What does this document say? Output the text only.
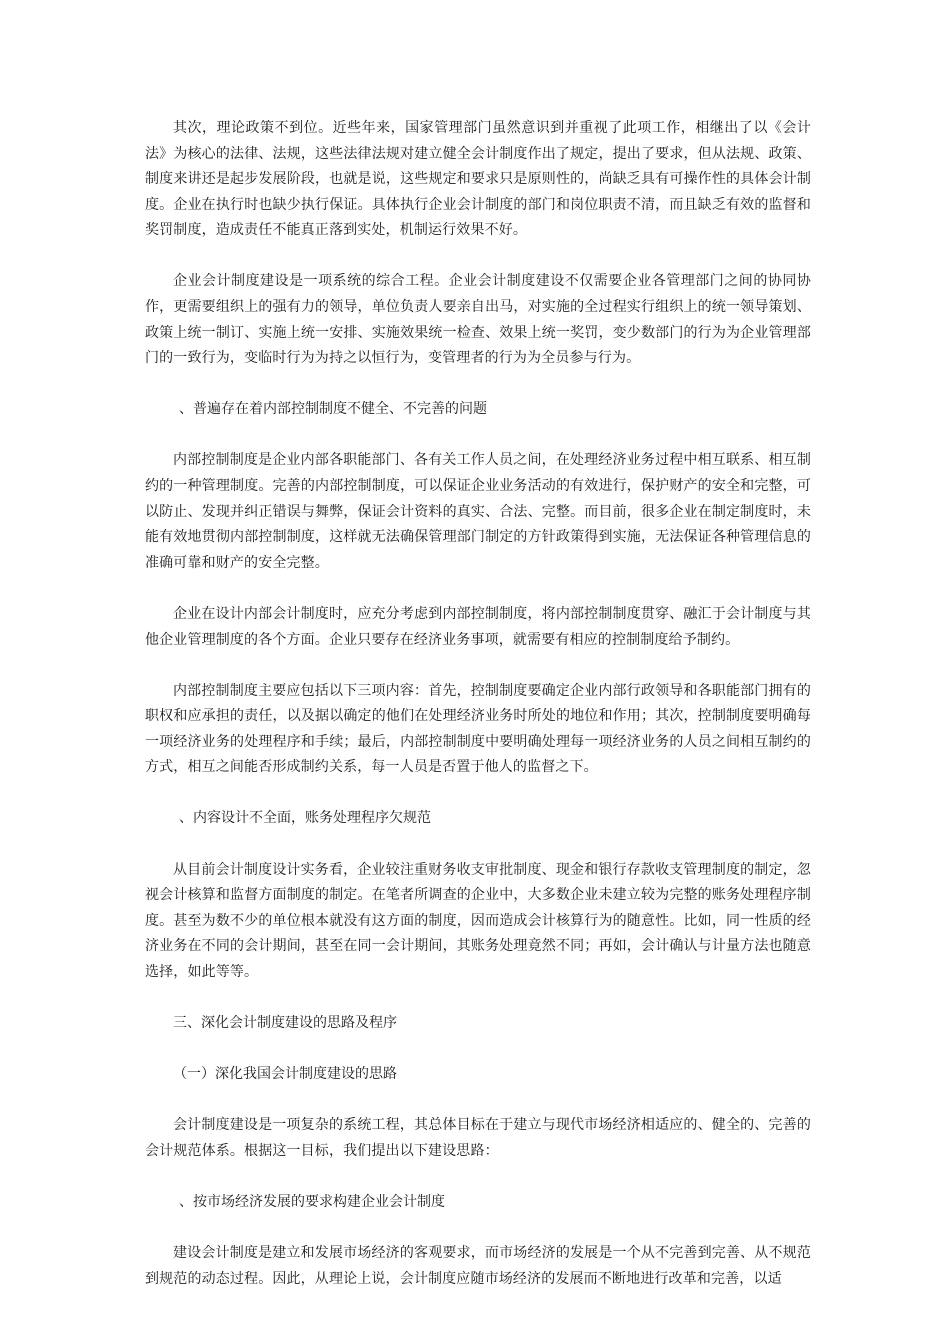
其次，理论政策不到位。近些年来，国家管理部门虽然意识到并重视了此项工作，相继出了以《会计法》为核心的法律、法规，这些法律法规对建立健全会计制度作出了规定，提出了要求，但从法规、政策、制度来讲还是起步发展阶段，也就是说，这些规定和要求只是原则性的，尚缺乏具有可操作性的具体会计制度。企业在执行时也缺少执行保证。具体执行企业会计制度的部门和岗位职责不清，而且缺乏有效的监督和奖罚制度，造成责任不能真正落到实处，机制运行效果不好。

企业会计制度建设是一项系统的综合工程。企业会计制度建设不仅需要企业各管理部门之间的协同协作，更需要组织上的强有力的领导，单位负责人要亲自出马，对实施的全过程实行组织上的统一领导策划、政策上统一制订、实施上统一安排、实施效果统一检查、效果上统一奖罚，变少数部门的行为为企业管理部门的一致行为，变临时行为为持之以恒行为，变管理者的行为为全员参与行为。

、普遍存在着内部控制制度不健全、不完善的问题

内部控制制度是企业内部各职能部门、各有关工作人员之间，在处理经济业务过程中相互联系、相互制约的一种管理制度。完善的内部控制制度，可以保证企业业务活动的有效进行，保护财产的安全和完整，可以防止、发现并纠正错误与舞弊，保证会计资料的真实、合法、完整。而目前，很多企业在制定制度时，未能有效地贯彻内部控制制度，这样就无法确保管理部门制定的方针政策得到实施，无法保证各种管理信息的准确可靠和财产的安全完整。

企业在设计内部会计制度时，应充分考虑到内部控制制度，将内部控制制度贯穿、融汇于会计制度与其他企业管理制度的各个方面。企业只要存在经济业务事项，就需要有相应的控制制度给予制约。

内部控制制度主要应包括以下三项内容：首先，控制制度要确定企业内部行政领导和各职能部门拥有的职权和应承担的责任，以及据以确定的他们在处理经济业务时所处的地位和作用；其次，控制制度要明确每一项经济业务的处理程序和手续；最后，内部控制制度中要明确处理每一项经济业务的人员之间相互制约的方式，相互之间能否形成制约关系，每一人员是否置于他人的监督之下。

、内容设计不全面，账务处理程序欠规范

从目前会计制度设计实务看，企业较注重财务收支审批制度、现金和银行存款收支管理制度的制定，忽视会计核算和监督方面制度的制定。在笔者所调查的企业中，大多数企业未建立较为完整的账务处理程序制度。甚至为数不少的单位根本就没有这方面的制度，因而造成会计核算行为的随意性。比如，同一性质的经济业务在不同的会计期间，甚至在同一会计期间，其账务处理竟然不同；再如，会计确认与计量方法也随意选择，如此等等。

三、深化会计制度建设的思路及程序

（一）深化我国会计制度建设的思路

会计制度建设是一项复杂的系统工程，其总体目标在于建立与现代市场经济相适应的、健全的、完善的会计规范体系。根据这一目标，我们提出以下建设思路：

、按市场经济发展的要求构建企业会计制度

建设会计制度是建立和发展市场经济的客观要求，而市场经济的发展是一个从不完善到完善、从不规范到规范的动态过程。因此，从理论上说，会计制度应随市场经济的发展而不断地进行改革和完善，以适
